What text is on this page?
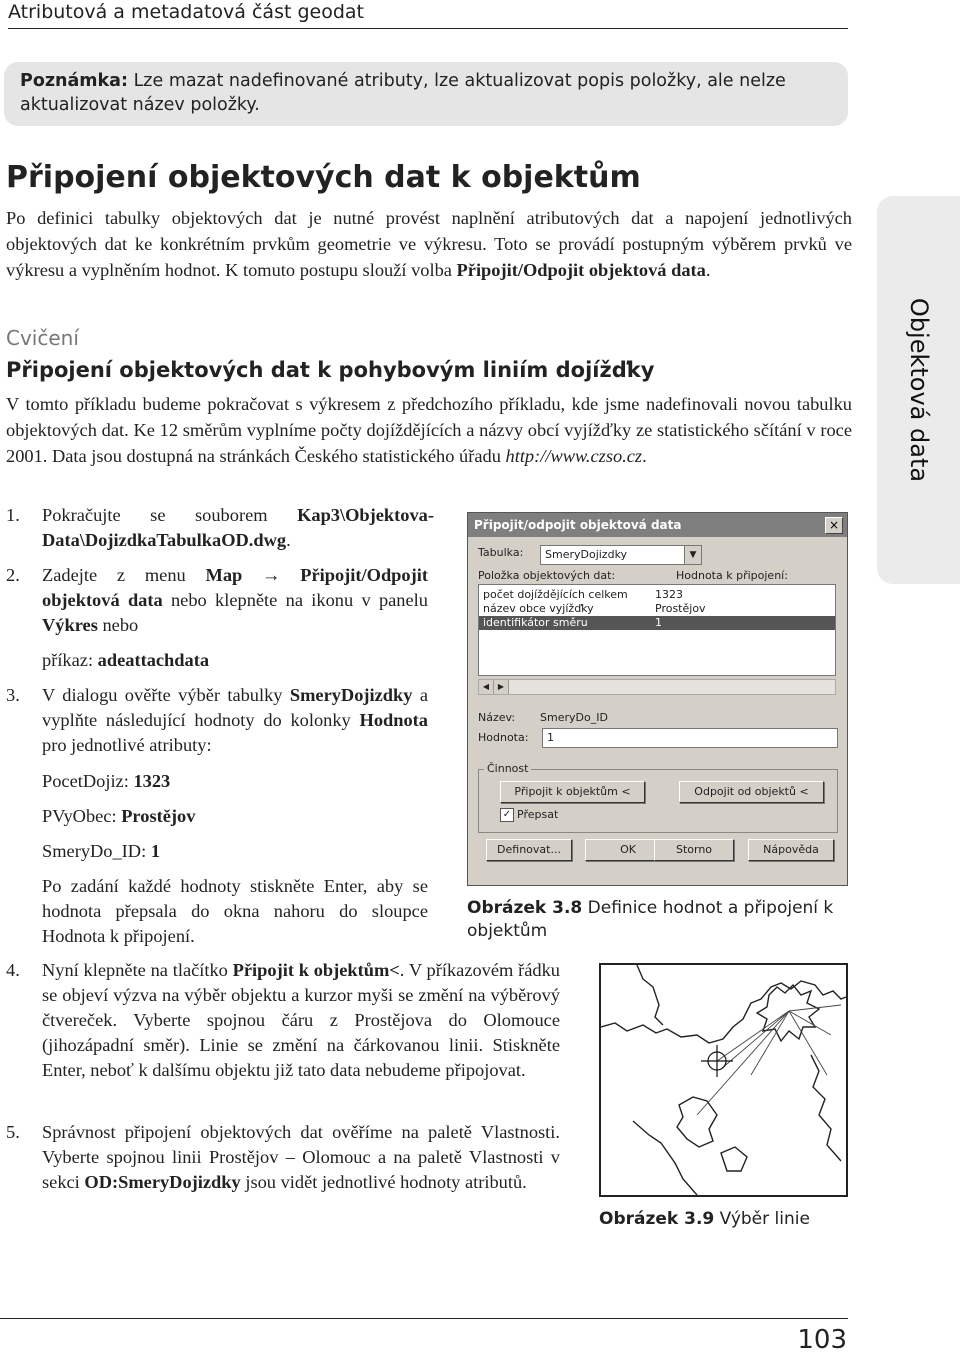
Atributová a metadatová část geodat
Poznámka: Lze mazat nadefinované atributy, lze aktualizovat popis položky, ale nelze aktualizovat název položky.
Připojení objektových dat k objektům

Po definici tabulky objektových dat je nutné provést naplnění atributových dat a napojení jednotlivých objektových dat ke konkrétním prvkům geometrie ve výkresu. Toto se provádí postupným výběrem prvků ve výkresu a vyplněním hodnot. K tomuto postupu slouží volba Připojit/Odpojit objektová data.

Cvičení
Připojení objektových dat k pohybovým liniím dojížďky

V tomto příkladu budeme pokračovat s výkresem z předchozího příkladu, kde jsme nadefinovali novou tabulku objektových dat. Ke 12 směrům vyplníme počty dojíždějících a názvy obcí vyjížďky ze statistického sčítání v roce 2001. Data jsou dostupná na stránkách Českého statistického úřadu http://www.czso.cz.	Objektová data
1. Pokračujte se souborem Kap3\Objektova-Data\DojizdkaTabulkaOD.dwg.
2. Zadejte z menu Map → Připojit/Odpojit objektová data nebo klepněte na ikonu v panelu Výkres nebo
příkaz: adeattachdata
3. V dialogu ověřte výběr tabulky SmeryDojizdky a vyplňte následující hodnoty do kolonky Hodnota pro jednotlivé atributy:
PocetDojiz: 1323
PVyObec: Prostějov
SmeryDo_ID: 1
Po zadání každé hodnoty stiskněte Enter, aby se hodnota přepsala do okna nahoru do sloupce Hodnota k připojení.
4. Nyní klepněte na tlačítko Připojit k objektům<. V příkazovém řádku se objeví výzva na výběr objektu a kurzor myši se změní na výběrový čtvereček. Vyberte spojnou čáru z Prostějova do Olomouce (jihozápadní směr). Linie se změní na čárkovanou linii. Stiskněte Enter, neboť k dalšímu objektu již tato data nebudeme připojovat.
5. Správnost připojení objektových dat ověříme na paletě Vlastnosti. Vyberte spojnou linii Prostějov – Olomouc a na paletě Vlastnosti v sekci OD:SmeryDojizdky jsou vidět jednotlivé hodnoty atributů.
Připojit/odpojit objektová data	×
Tabulka:	SmeryDojizdky	▼
Položka objektových dat:	Hodnota k připojení:
počet dojíždějících celkem 1323
název obce vyjížďky	Prostějov
identifikátor směru	1
◀	▶
Název: SmeryDo_ID
Hodnota:	1
Činnost
Připojit k objektům <	Odpojit od objektů <
✓ Přepsat
Definovat...	OK	Storno	Nápověda
Obrázek 3.8 Definice hodnot a připojení k objektům
Obrázek 3.9 Výběr linie
103
